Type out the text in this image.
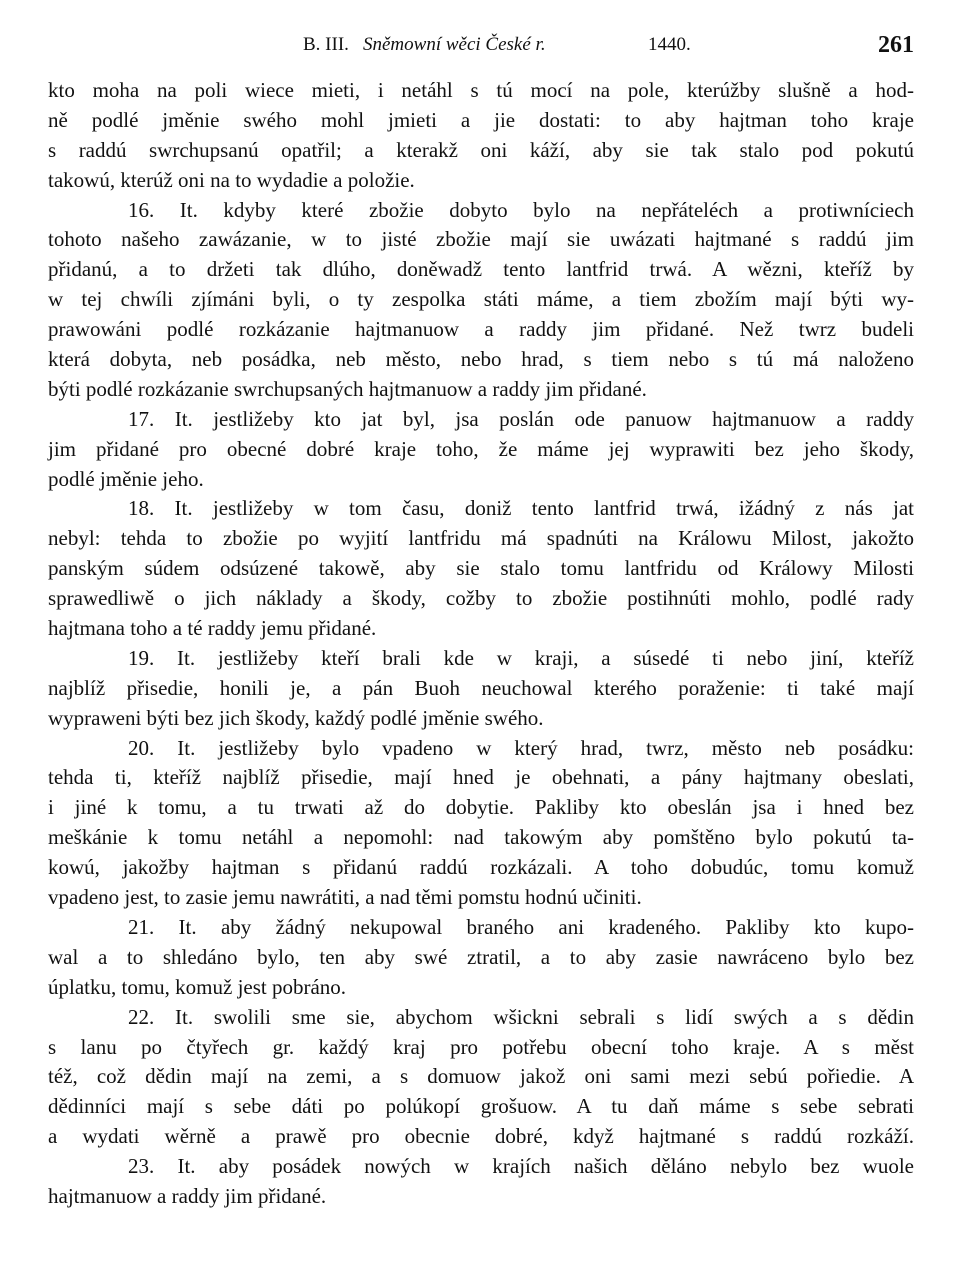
B. III. Sněmowní wěci České r.	1440.	261
kto moha na poli wiece mieti, i netáhl s tú mocí na pole, kterúžby slušně a hod-
ně podlé jměnie swého mohl jmieti a jie dostati: to aby hajtman toho kraje
s raddú swrchupsanú opatřil; a kterakž oni káží, aby sie tak stalo pod pokutú
takowú, kterúž oni na to wydadie a položie.
16. It. kdyby které zbožie dobyto bylo na nepřáteléch a protiwníciech
tohoto našeho zawázanie, w to jisté zbožie mají sie uwázati hajtmané s raddú jim
přidanú, a to držeti tak dlúho, doněwadž tento lantfrid trwá. A wězni, kteříž by
w tej chwíli zjímáni byli, o ty zespolka státi máme, a tiem zbožím mají býti wy-
prawowáni podlé rozkázanie hajtmanuow a raddy jim přidané. Než twrz budeli
která dobyta, neb posádka, neb město, nebo hrad, s tiem nebo s tú má naloženo
býti podlé rozkázanie swrchupsaných hajtmanuow a raddy jim přidané.
17. It. jestližeby kto jat byl, jsa poslán ode panuow hajtmanuow a raddy
jim přidané pro obecné dobré kraje toho, že máme jej wyprawiti bez jeho škody,
podlé jměnie jeho.
18. It. jestližeby w tom času, doniž tento lantfrid trwá, ižádný z nás jat
nebyl: tehda to zbožie po wyjití lantfridu má spadnúti na Králowu Milost, jakožto
panským súdem odsúzené takowě, aby sie stalo tomu lantfridu od Králowy Milosti
sprawedliwě o jich náklady a škody, cožby to zbožie postihnúti mohlo, podlé rady
hajtmana toho a té raddy jemu přidané.
19. It. jestližeby kteří brali kde w kraji, a súsedé ti nebo jiní, kteříž
najblíž přisedie, honili je, a pán Buoh neuchowal kterého poraženie: ti také mají
wypraweni býti bez jich škody, každý podlé jměnie swého.
20. It. jestližeby bylo vpadeno w který hrad, twrz, město neb posádku:
tehda ti, kteříž najblíž přisedie, mají hned je obehnati, a pány hajtmany obeslati,
i jiné k tomu, a tu trwati až do dobytie. Pakliby kto obeslán jsa i hned bez
meškánie k tomu netáhl a nepomohl: nad takowým aby pomštěno bylo pokutú ta-
kowú, jakožby hajtman s přidanú raddú rozkázali. A toho dobudúc, tomu komuž
vpadeno jest, to zasie jemu nawrátiti, a nad těmi pomstu hodnú učiniti.
21. It. aby žádný nekupowal braného ani kradeného. Pakliby kto kupo-
wal a to shledáno bylo, ten aby swé ztratil, a to aby zasie nawráceno bylo bez
úplatku, tomu, komuž jest pobráno.
22. It. swolili sme sie, abychom wšickni sebrali s lidí swých a s dědin
s lanu po čtyřech gr. každý kraj pro potřebu obecní toho kraje. A s měst
též, což dědin mají na zemi, a s domuow jakož oni sami mezi sebú pořiedie. A
dědinníci mají s sebe dáti po polúkopí grošuow. A tu daň máme s sebe sebrati
a wydati wěrně a prawě pro obecnie dobré, když hajtmané s raddú rozkáží.
23. It. aby posádek nowých w krajích našich děláno nebylo bez wuole
hajtmanuow a raddy jim přidané.
